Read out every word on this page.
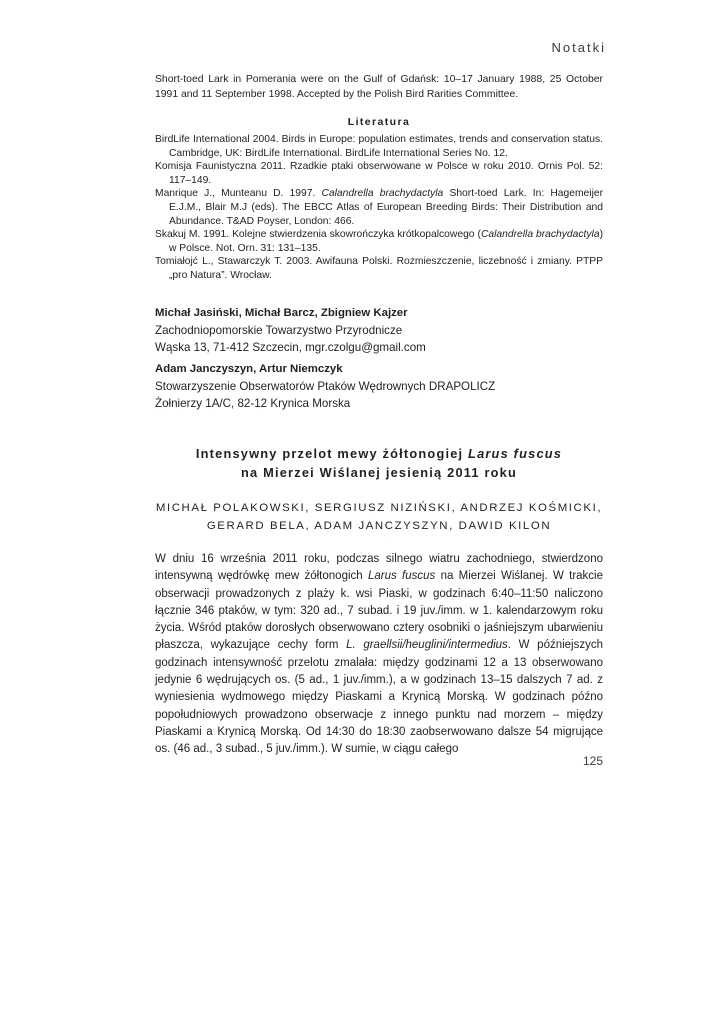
Notatki
Short-toed Lark in Pomerania were on the Gulf of Gdańsk: 10–17 January 1988, 25 October 1991 and 11 September 1998. Accepted by the Polish Bird Rarities Committee.
Literatura

BirdLife International 2004. Birds in Europe: population estimates, trends and conservation status. Cambridge, UK: BirdLife International. BirdLife International Series No. 12.

Komisja Faunistyczna 2011. Rzadkie ptaki obserwowane w Polsce w roku 2010. Ornis Pol. 52: 117–149.

Manrique J., Munteanu D. 1997. Calandrella brachydactyla Short-toed Lark. In: Hagemeijer E.J.M., Blair M.J (eds). The EBCC Atlas of European Breeding Birds: Their Distribution and Abundance. T&AD Poyser, London: 466.

Skakuj M. 1991. Kolejne stwierdzenia skowrończyka krótkopalcowego (Calandrella brachydactyla) w Polsce. Not. Orn. 31: 131–135.

Tomiałojć L., Stawarczyk T. 2003. Awifauna Polski. Rozmieszczenie, liczebność i zmiany. PTPP „pro Natura”. Wrocław.

Michał Jasiński, Michał Barcz, Zbigniew Kajzer
Zachodniopomorskie Towarzystwo Przyrodnicze
Wąska 13, 71-412 Szczecin, mgr.czolgu@gmail.com
Adam Janczyszyn, Artur Niemczyk
Stowarzyszenie Obserwatorów Ptaków Wędrownych DRAPOLICZ
Żołnierzy 1A/C, 82-12 Krynica Morska
Intensywny przelot mewy żółtonogiej Larus fuscus
na Mierzei Wiślanej jesienią 2011 roku
MICHAŁ POLAKOWSKI, SERGIUSZ NIZIŃSKI, ANDRZEJ KOŚMICKI,
GERARD BELA, ADAM JANCZYSZYN, DAWID KILON
W dniu 16 września 2011 roku, podczas silnego wiatru zachodniego, stwierdzono intensywną wędrówkę mew żółtonogich Larus fuscus na Mierzei Wiślanej. W trakcie obserwacji prowadzonych z plaży k. wsi Piaski, w godzinach 6:40–11:50 naliczono łącznie 346 ptaków, w tym: 320 ad., 7 subad. i 19 juv./imm. w 1. kalendarzowym roku życia. Wśród ptaków dorosłych obserwowano cztery osobniki o jaśniejszym ubarwieniu płaszcza, wykazujące cechy form L. graellsii/heuglini/intermedius. W późniejszych godzinach intensywność przelotu zmalała: między godzinami 12 a 13 obserwowano jedynie 6 wędrujących os. (5 ad., 1 juv./imm.), a w godzinach 13–15 dalszych 7 ad. z wyniesienia wydmowego między Piaskami a Krynicą Morską. W godzinach późno popołudniowych prowadzono obserwacje z innego punktu nad morzem – między Piaskami a Krynicą Morską. Od 14:30 do 18:30 zaobserwowano dalsze 54 migrujące os. (46 ad., 3 subad., 5 juv./imm.). W sumie, w ciągu całego
125
